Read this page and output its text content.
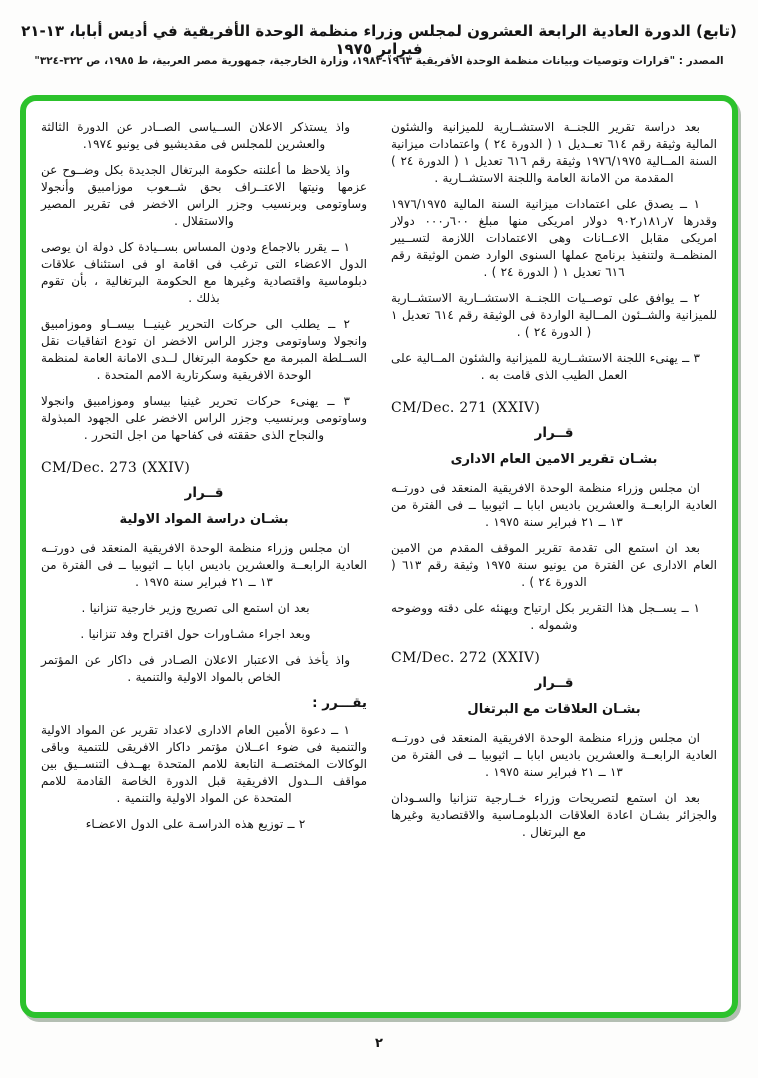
(تابع) الدورة العادية الرابعة العشرون لمجلس وزراء منظمة الوحدة الأفريقية في أديس أبابا، ١٣-٢١ فبراير ١٩٧٥
المصدر : "قرارات وتوصيات وبيانات منظمة الوحدة الأفريقية ١٩٦٣-١٩٨٣، وزارة الخارجية، جمهورية مصر العربية، ط ١٩٨٥، ص ٣٢٢-٣٢٤"

بعد دراسة تقرير اللجنــة الاستشــارية للميزانية والشئون المالية وثيقة رقم ٦١٤ تعــديل ١ ( الدورة ٢٤ ) واعتمادات ميزانية السنة المــالية ١٩٧٦/١٩٧٥ وثيقة رقم ٦١٦ تعديل ١ ( الدورة ٢٤ ) المقدمة من الامانة العامة واللجنة الاستشــارية .

١ ــ يصدق على اعتمادات ميزانية السنة المالية ١٩٧٦/١٩٧٥ وقدرها ٧ر١٨١ر٩٠٢ دولار امريكى منها مبلغ ٦٠٠ر٠٠٠ دولار امريكى مقابل الاعــانات وهى الاعتمادات اللازمة لتســيير المنظمــة ولتنفيذ برنامج عملها السنوى الوارد ضمن الوثيقة رقم ٦١٦ تعديل ١ ( الدورة ٢٤ ) .

٢ ــ يوافق على توصــيات اللجنــة الاستشــارية الاستشــارية للميزانية والشــئون المــالية الواردة فى الوثيقة رقم ٦١٤ تعديل ١ ( الدورة ٢٤ ) .

٣ ــ يهنىء اللجنة الاستشــارية للميزانية والشئون المــالية على العمل الطيب الذى قامت به .

CM/Dec. 271 (XXIV)
قــرار
بشـان تقرير الامين العام الادارى

ان مجلس وزراء منظمة الوحدة الافريقية المنعقد فى دورتــه العادية الرابعــة والعشرين باديس ابابا ــ اثيوبيا ــ فى الفترة من ١٣ ــ ٢١ فبراير سنة ١٩٧٥ .

بعد ان استمع الى تقدمة تقرير الموقف المقدم من الامين العام الادارى عن الفترة من يونيو سنة ١٩٧٥ وثيقة رقم ٦١٣ ( الدورة ٢٤ ) .

١ ــ يســجل هذا التقرير بكل ارتياح ويهنئه على دقته ووضوحه وشموله .

CM/Dec. 272 (XXIV)
قــرار
بشـان العلاقات مع البرتغال

ان مجلس وزراء منظمة الوحدة الافريقية المنعقد فى دورتــه العادية الرابعــة والعشرين باديس ابابا ــ اثيوبيا ــ فى الفترة من ١٣ ــ ٢١ فبراير سنة ١٩٧٥ .

بعد ان استمع لتصريحات وزراء خــارجية تنزانيا والسـودان والجزائر بشـان اعادة العلاقات الدبلومـاسية والاقتصادية وغيرها مع البرتغال .

واذ يستذكر الاعلان الســياسى الصــادر عن الدورة الثالثة والعشرين للمجلس فى مقديشيو فى يونيو ١٩٧٤.

واذ يلاحظ ما أعلنته حكومة البرتغال الجديدة بكل وضــوح عن عزمها ونيتها الاعتــراف بحق شــعوب موزامبيق وأنجولا وساوتومى وبرنسيب وجزر الراس الاخضر فى تقرير المصير والاستقلال .

١ ــ يقرر بالاجماع ودون المساس بســيادة كل دولة ان يوصى الدول الاعضاء التى ترغب فى اقامة او فى استئناف علاقات دبلوماسية واقتصادية وغيرها مع الحكومة البرتغالية ، بأن تقوم بذلك .

٢ ــ يطلب الى حركات التحرير غينيــا بيســاو وموزامبيق وانجولا وساوتومى وجزر الراس الاخضر ان تودع اتفاقيات نقل الســلطة المبرمة مع حكومة البرتغال لــدى الامانة العامة لمنظمة الوحدة الافريقية وسكرتارية الامم المتحدة .

٣ ــ يهنىء حركات تحرير غينيا بيساو وموزامبيق وانجولا وساوتومى وبرنسيب وجزر الراس الاخضر على الجهود المبذولة والنجاح الذى حققته فى كفاحها من اجل التحرر .

CM/Dec. 273 (XXIV)
قــرار
بشـان دراسة المواد الاولية

ان مجلس وزراء منظمة الوحدة الافريقية المنعقد فى دورتــه العادية الرابعــة والعشرين باديس ابابا ــ اثيوبيا ــ فى الفترة من ١٣ ــ ٢١ فبراير سنة ١٩٧٥ .

بعد ان استمع الى تصريح وزير خارجية تنزانيا .

وبعد اجراء مشـاورات حول اقتراح وفد تنزانيا .

واذ يأخذ فى الاعتبار الاعلان الصـادر فى داكار عن المؤتمر الخاص بالمواد الاولية والتنمية .

يقـــرر :

١ ــ دعوة الأمين العام الادارى لاعداد تقرير عن المواد الاولية والتنمية فى ضوء اعــلان مؤتمر داكار الافريقى للتنمية وباقى الوكالات المختصــة التابعة للامم المتحدة بهــدف التنســيق بين مواقف الــدول الافريقية قبل الدورة الخاصة القادمة للامم المتحدة عن المواد الاولية والتنمية .

٢ ــ توزيع هذه الدراسـة على الدول الاعضـاء

٢
